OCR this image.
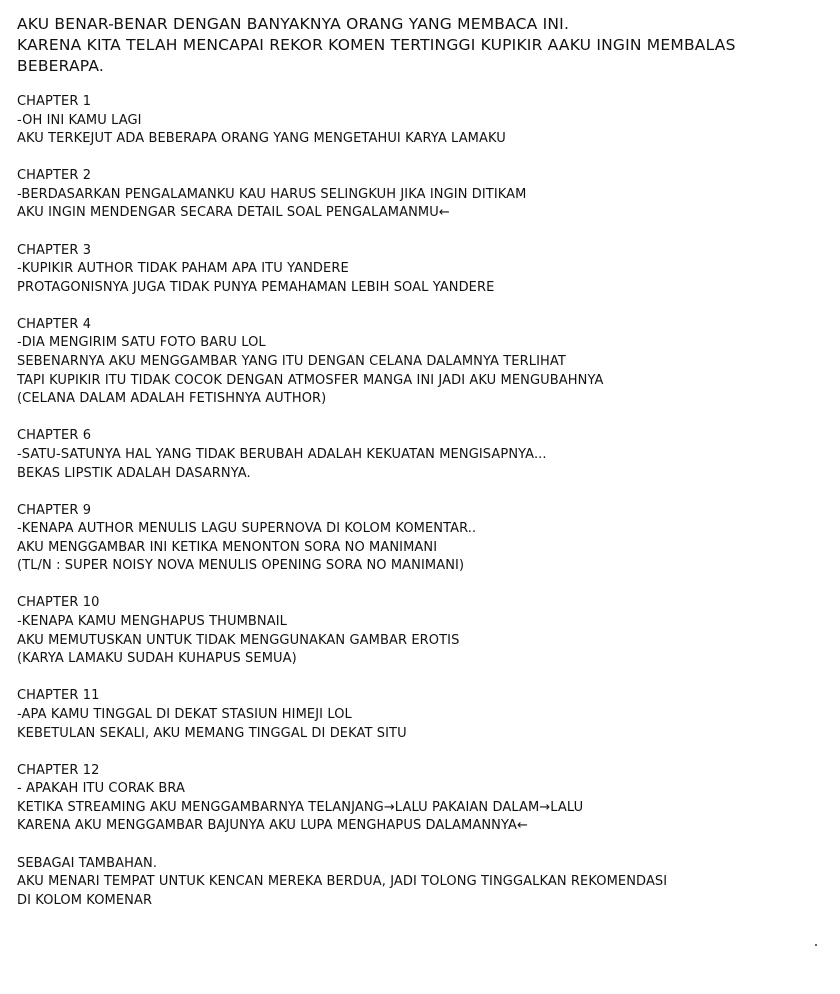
AKU BENAR-BENAR DENGAN BANYAKNYA ORANG YANG MEMBACA INI.
KARENA KITA TELAH MENCAPAI REKOR KOMEN TERTINGGI KUPIKIR AAKU INGIN MEMBALAS
BEBERAPA.
CHAPTER 1
-OH INI KAMU LAGI
AKU TERKEJUT ADA BEBERAPA ORANG YANG MENGETAHUI KARYA LAMAKU
CHAPTER 2
-BERDASARKAN PENGALAMANKU KAU HARUS SELINGKUH JIKA INGIN DITIKAM
AKU INGIN MENDENGAR SECARA DETAIL SOAL PENGALAMANMU←
CHAPTER 3
-KUPIKIR AUTHOR TIDAK PAHAM APA ITU YANDERE
PROTAGONISNYA JUGA TIDAK PUNYA PEMAHAMAN LEBIH SOAL YANDERE
CHAPTER 4
-DIA MENGIRIM SATU FOTO BARU LOL
SEBENARNYA AKU MENGGAMBAR YANG ITU DENGAN CELANA DALAMNYA TERLIHAT
TAPI KUPIKIR ITU TIDAK COCOK DENGAN ATMOSFER MANGA INI JADI AKU MENGUBAHNYA
(CELANA DALAM ADALAH FETISHNYA AUTHOR)
CHAPTER 6
-SATU-SATUNYA HAL YANG TIDAK BERUBAH ADALAH KEKUATAN MENGISAPNYA...
BEKAS LIPSTIK ADALAH DASARNYA.
CHAPTER 9
-KENAPA AUTHOR MENULIS LAGU SUPERNOVA DI KOLOM KOMENTAR..
AKU MENGGAMBAR INI KETIKA MENONTON SORA NO MANIMANI
(TL/N : SUPER NOISY NOVA MENULIS OPENING SORA NO MANIMANI)
CHAPTER 10
-KENAPA KAMU MENGHAPUS THUMBNAIL
AKU MEMUTUSKAN UNTUK TIDAK MENGGUNAKAN GAMBAR EROTIS
(KARYA LAMAKU SUDAH KUHAPUS SEMUA)
CHAPTER 11
-APA KAMU TINGGAL DI DEKAT STASIUN HIMEJI LOL
KEBETULAN SEKALI, AKU MEMANG TINGGAL DI DEKAT SITU
CHAPTER 12
- APAKAH ITU CORAK BRA
KETIKA STREAMING AKU MENGGAMBARNYA TELANJANG→LALU PAKAIAN DALAM→LALU
KARENA AKU MENGGAMBAR BAJUNYA AKU LUPA MENGHAPUS DALAMANNYA←
SEBAGAI TAMBAHAN.
AKU MENARI TEMPAT UNTUK KENCAN MEREKA BERDUA, JADI TOLONG TINGGALKAN REKOMENDASI
DI KOLOM KOMENAR
